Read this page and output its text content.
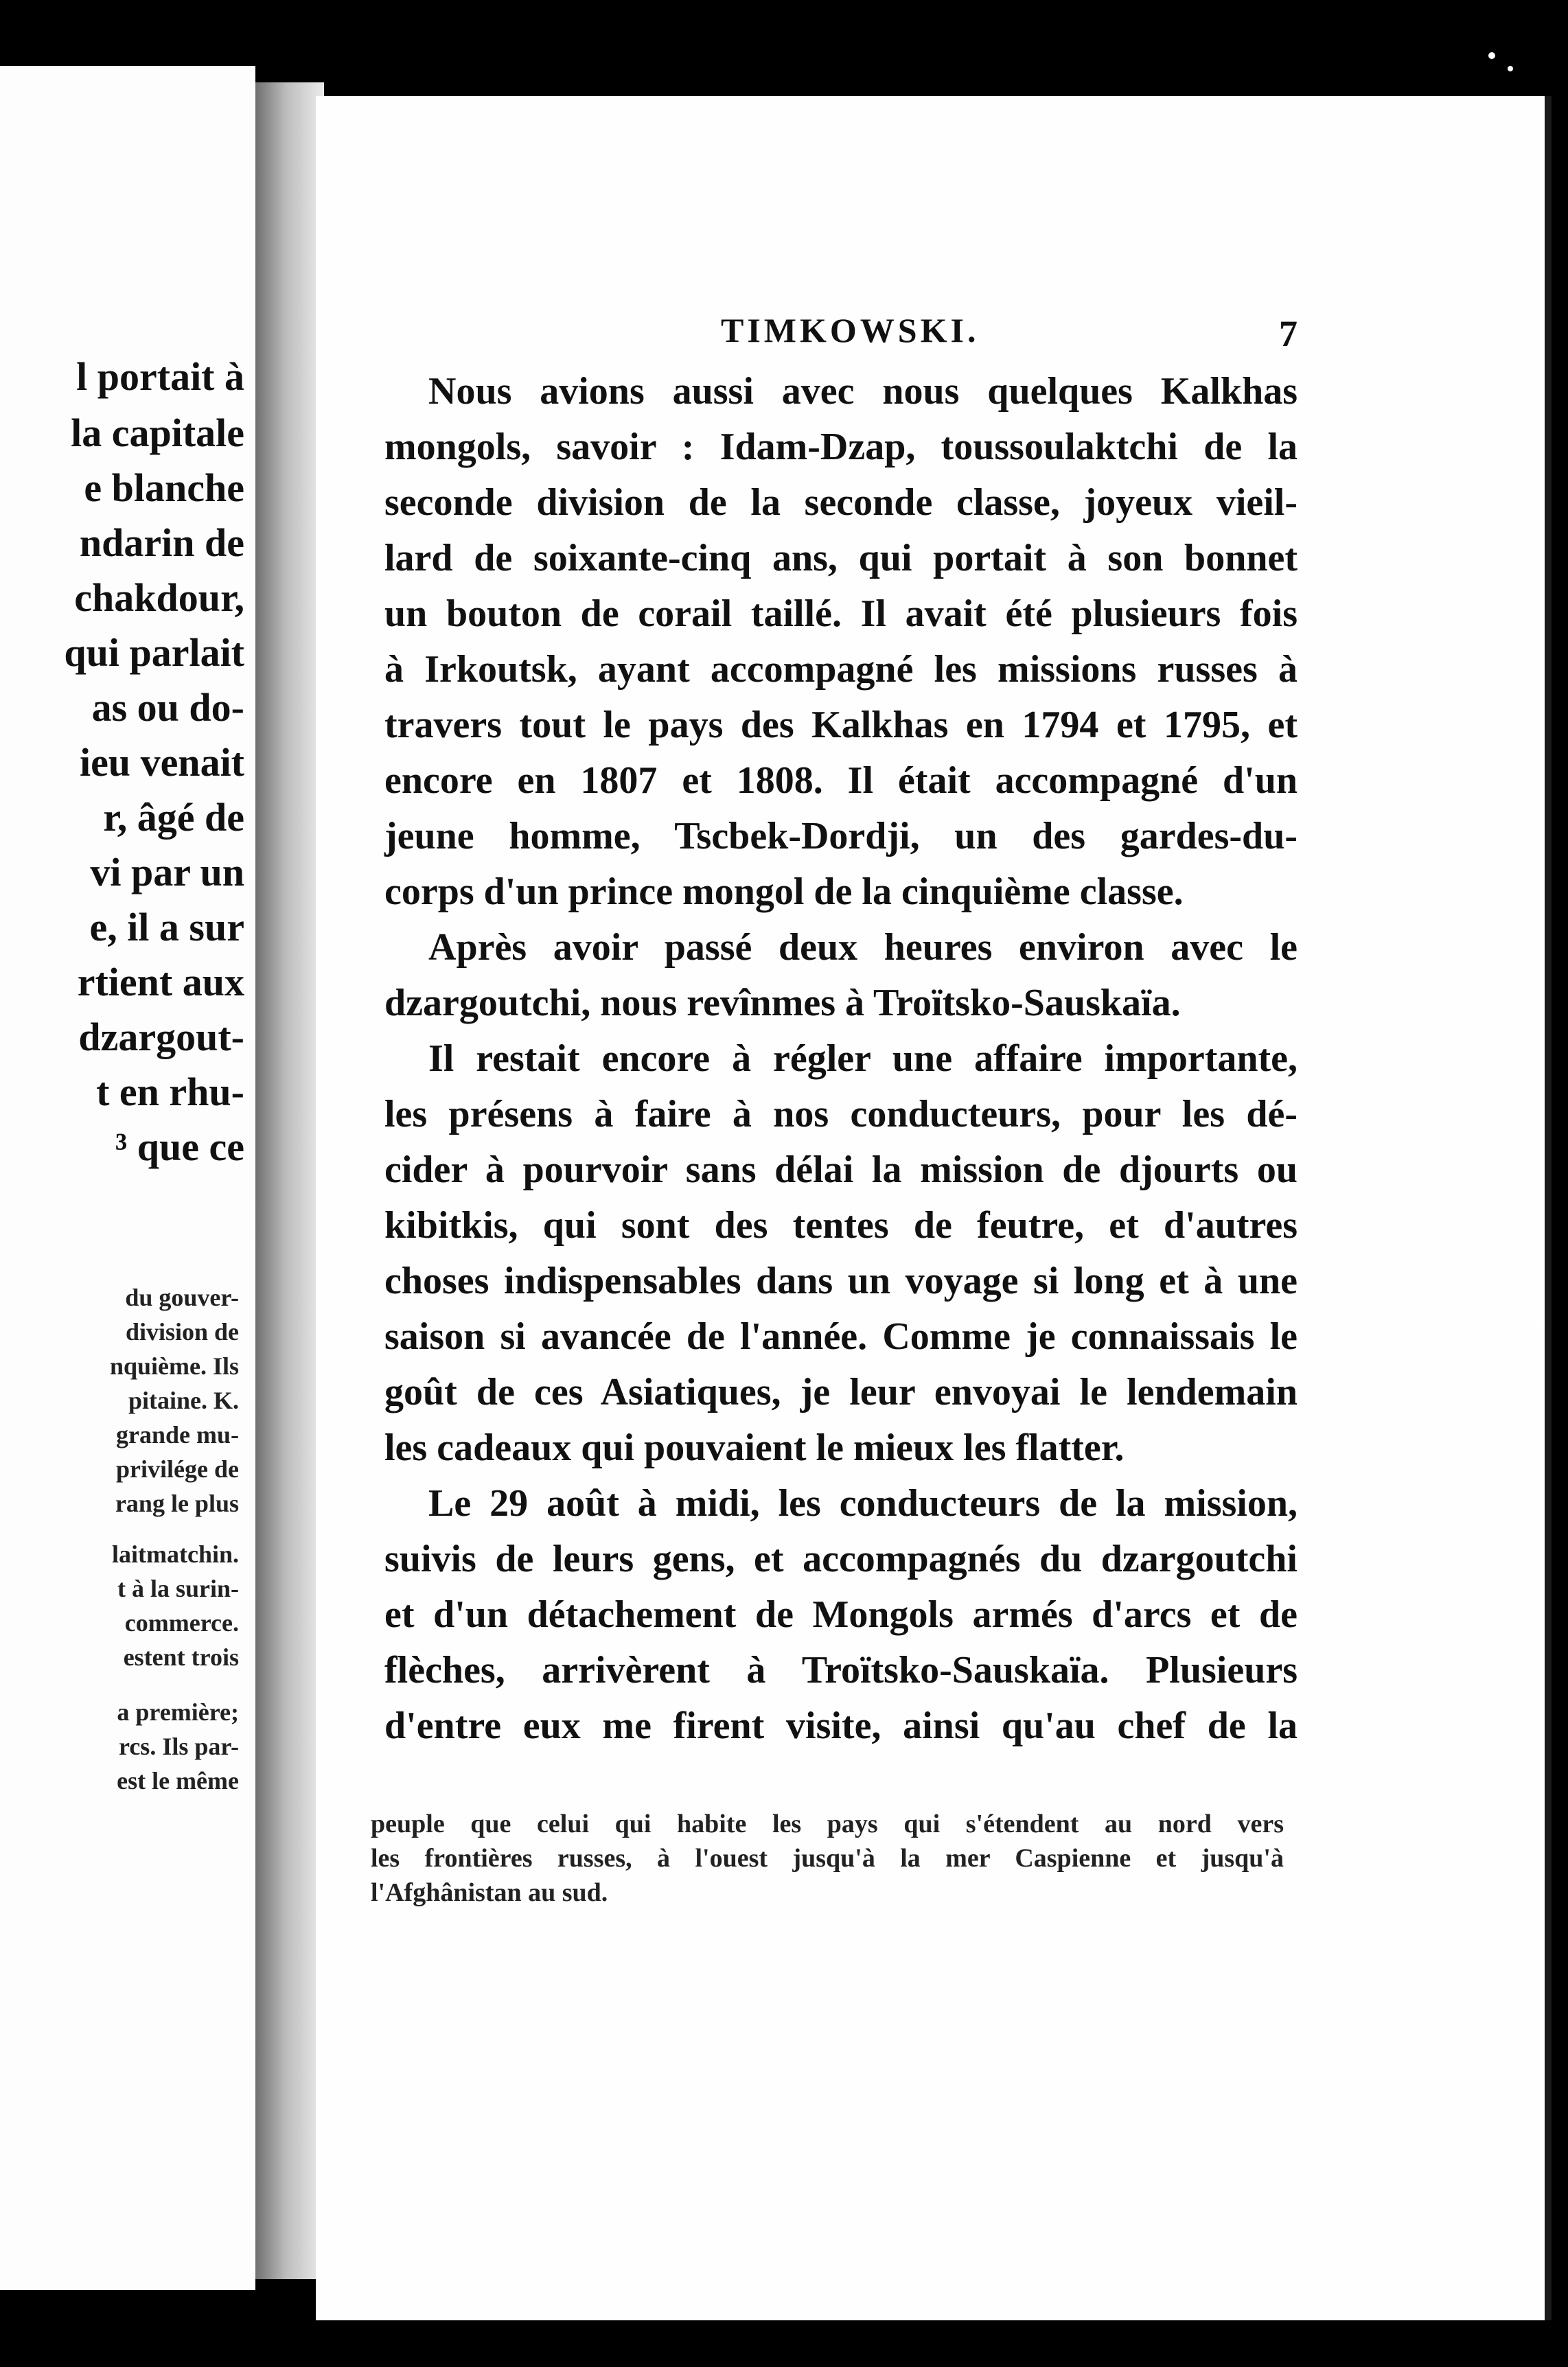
l portait à
la capitale
e blanche
ndarin de
chakdour,
qui parlait
as ou do-
ieu venait
r, âgé de
vi par un
e, il a sur
rtient aux
dzargout-
t en rhu-
³ que ce
du gouver-
division de
nquième. Ils
pitaine. K.
grande mu-
privilége de
rang le plus
laitmatchin.
t à la surin-
commerce.
estent trois
a première;
rcs. Ils par-
est le même
TIMKOWSKI.	7
Nous avions aussi avec nous quelques Kalkhas
mongols, savoir : Idam-Dzap, toussoulaktchi de la
seconde division de la seconde classe, joyeux vieil-
lard de soixante-cinq ans, qui portait à son bonnet
un bouton de corail taillé. Il avait été plusieurs fois
à Irkoutsk, ayant accompagné les missions russes à
travers tout le pays des Kalkhas en 1794 et 1795, et
encore en 1807 et 1808. Il était accompagné d'un
jeune homme, Tscbek-Dordji, un des gardes-du-
corps d'un prince mongol de la cinquième classe.
Après avoir passé deux heures environ avec le
dzargoutchi, nous revînmes à Troïtsko-Sauskaïa.
Il restait encore à régler une affaire importante,
les présens à faire à nos conducteurs, pour les dé-
cider à pourvoir sans délai la mission de djourts ou
kibitkis, qui sont des tentes de feutre, et d'autres
choses indispensables dans un voyage si long et à une
saison si avancée de l'année. Comme je connaissais le
goût de ces Asiatiques, je leur envoyai le lendemain
les cadeaux qui pouvaient le mieux les flatter.
Le 29 août à midi, les conducteurs de la mission,
suivis de leurs gens, et accompagnés du dzargoutchi
et d'un détachement de Mongols armés d'arcs et de
flèches, arrivèrent à Troïtsko-Sauskaïa. Plusieurs
d'entre eux me firent visite, ainsi qu'au chef de la
peuple que celui qui habite les pays qui s'étendent au nord vers
les frontières russes, à l'ouest jusqu'à la mer Caspienne et jusqu'à
l'Afghânistan au sud.
